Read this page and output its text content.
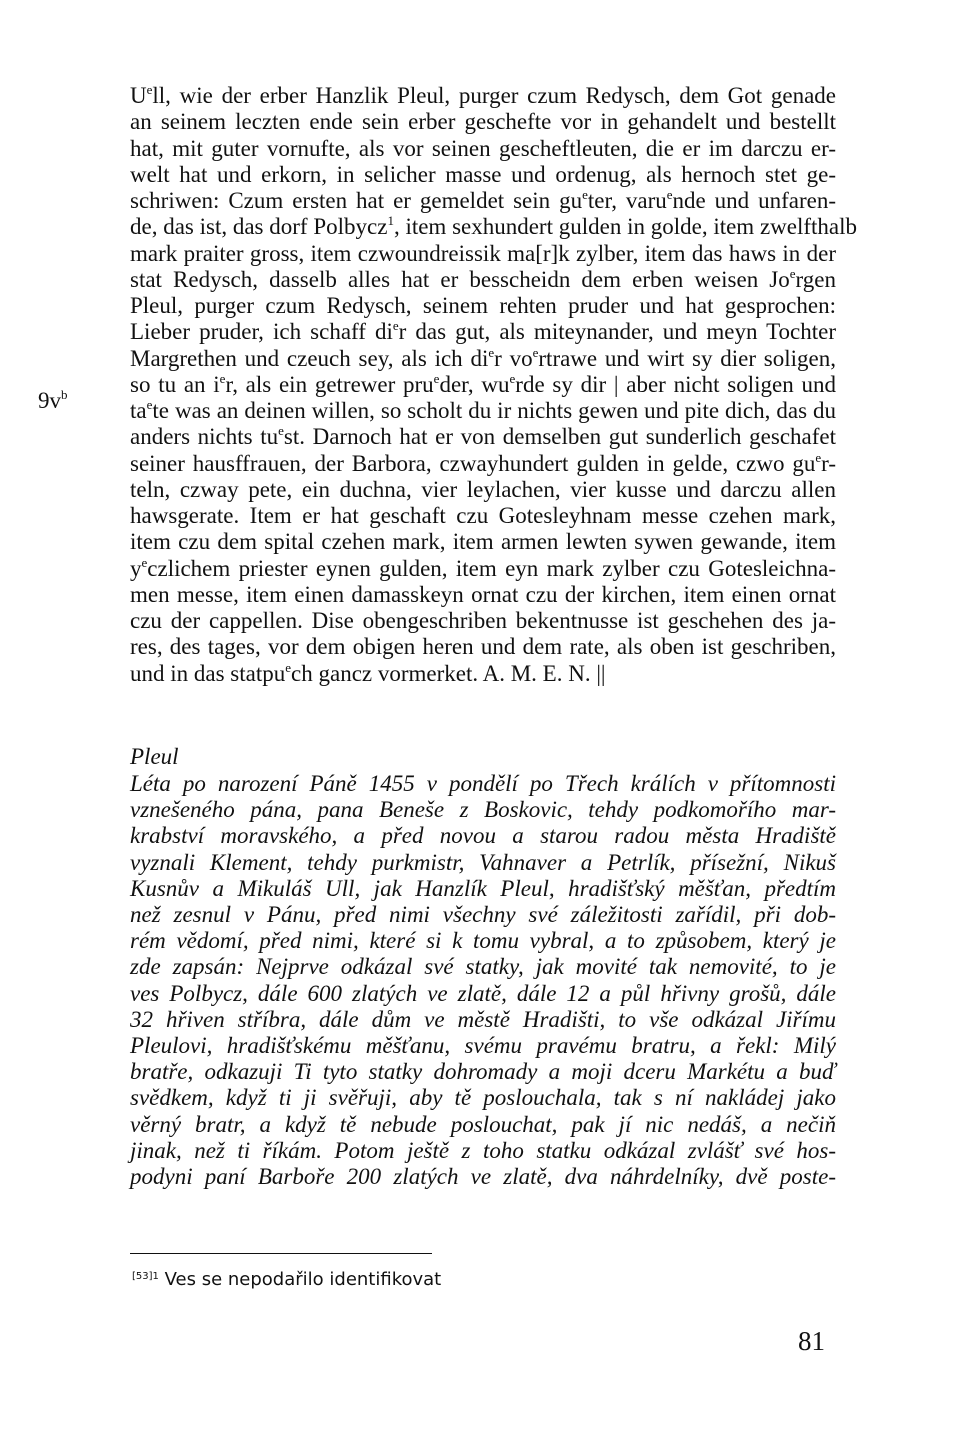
$9v^b$
$U^ell$, wie der erber Hanzlik Pleul, purger czum Redysch, dem Got genade
an seinem leczten ende sein erber geschefte vor in gehandelt und bestellt
hat, mit guter vornufte, als vor seinen gescheftleuten, die er im darczu er-
welt hat und erkorn, in selicher masse und ordenug, als hernoch stet ge-
schriwen: Czum ersten hat er gemeldet sein $gu^eter$, varu$^e$nde und unfaren-
de, das ist, das dorf Polbycz$^1$, item sexhundert gulden in golde, item zwelfthalb
mark praiter gross, item czwoundreissik ma[r]k zylber, item das haws in der
stat Redysch, dasselb alles hat er besscheidn dem erben weisen Jo$^e$rgen
Pleul, purger czum Redysch, seinem rehten pruder und hat gesprochen:
Lieber pruder, ich schaff $di^er$ das gut, als miteynander, und meyn Tochter
Margrethen und czeuch sey, als ich $di^er$ $vo^ertrawe$ und wirt sy dier soligen,
so tu an $i^er$, als ein getrewer pru$^e$der, $wu^erde$ sy dir | aber nicht soligen und
$ta^ete$ was an deinen willen, so scholt du ir nichts gewen und pite dich, das du
anders nichts $tu^est$. Darnoch hat er von demselben gut sunderlich geschafet
seiner hausffrauen, der Barbora, czwayhundert gulden in gelde, czwo $gu^er-$
teln, czway pete, ein duchna, vier leylachen, vier kusse und darczu allen
hawsgerate. Item er hat geschaft czu Gotesleyhnam messe czehen mark,
item czu dem spital czehen mark, item armen lewten sywen gewande, item
$y^eczlichem$ priester eynen gulden, item eyn mark zylber czu Gotesleichna-
men messe, item einen damasskeyn ornat czu der kirchen, item einen ornat
czu der cappellen. Dise obengeschriben bekentnusse ist geschehen des ja-
res, des tages, vor dem obigen heren und dem rate, als oben ist geschriben,
und in das statpu$^e$ch gancz vormerket. A. M. E. N. ||
Pleul
Léta po narození Páně 1455 v pondělí po Třech králích v přítomnosti
vznešeného pána, pana Beneše z Boskovic, tehdy podkomořího mar-
krabství moravského, a před novou a starou radou města Hradiště
vyznali Klement, tehdy purkmistr, Vahnaver a Petrlík, přísežní, Nikuš
Kusnův a Mikuláš Ull, jak Hanzlík Pleul, hradišťský měšťan, předtím
než zesnul v Pánu, před nimi všechny své záležitosti zařídil, při dob-
rém vědomí, před nimi, které si k tomu vybral, a to způsobem, který je
zde zapsán: Nejprve odkázal své statky, jak movité tak nemovité, to je
ves Polbycz, dále 600 zlatých ve zlatě, dále 12 a půl hřivny grošů, dále
32 hřiven stříbra, dále dům ve městě Hradišti, to vše odkázal Jiřímu
Pleulovi, hradišťskému měšťanu, svému pravému bratru, a řekl: Milý
bratře, odkazuji Ti tyto statky dohromady a moji dceru Markétu a buď
svědkem, když ti ji svěřuji, aby tě poslouchala, tak s ní nakládej jako
věrný bratr, a když tě nebude poslouchat, pak jí nic nedáš, a nečiň
jinak, než ti říkám. Potom ještě z toho statku odkázal zvlášť své hos-
podyni paní Barboře 200 zlatých ve zlatě, dva náhrdelníky, dvě poste-
$^{[53]1}$ Ves se nepodařilo identifikovat
81
